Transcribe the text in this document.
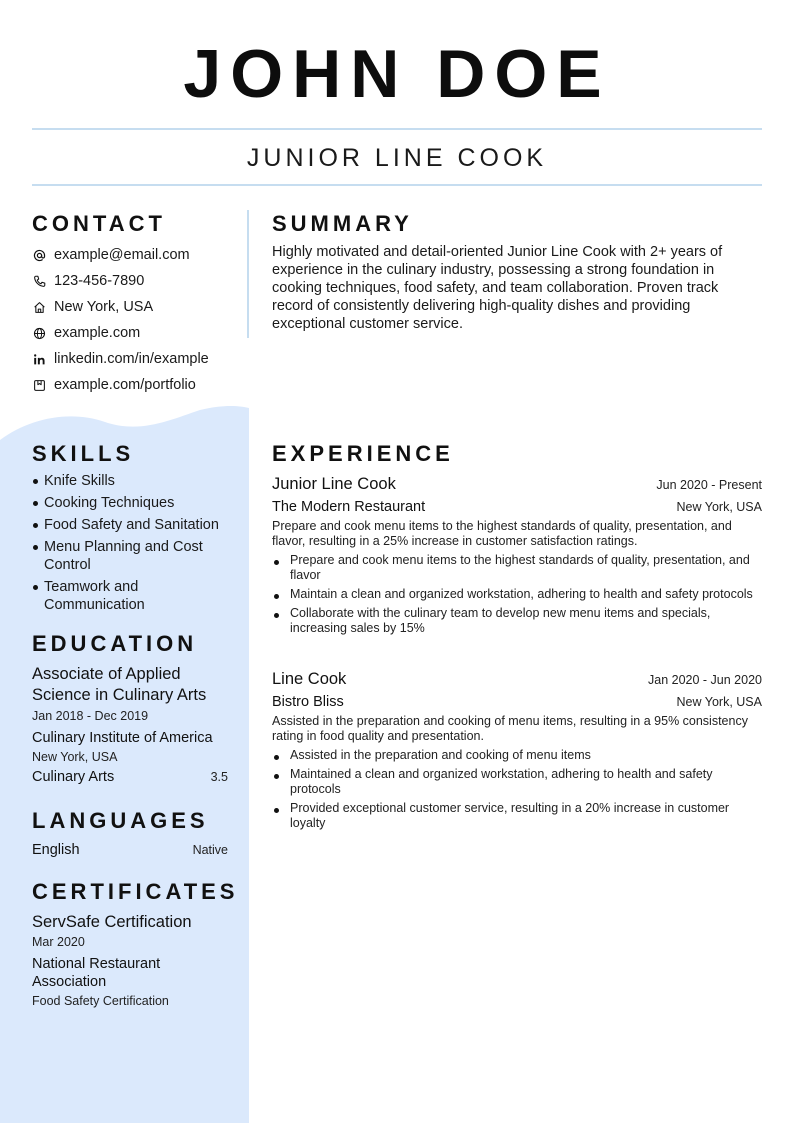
JOHN DOE
JUNIOR LINE COOK
CONTACT
example@email.com
123-456-7890
New York, USA
example.com
linkedin.com/in/example
example.com/portfolio
SUMMARY

Highly motivated and detail-oriented Junior Line Cook with 2+ years of experience in the culinary industry, possessing a strong foundation in cooking techniques, food safety, and team collaboration. Proven track record of consistently delivering high-quality dishes and providing exceptional customer service.

SKILLS
Knife Skills
Cooking Techniques
Food Safety and Sanitation
Menu Planning and Cost Control
Teamwork and Communication
EDUCATION
Associate of Applied Science in Culinary Arts
Jan 2018 - Dec 2019
Culinary Institute of America
New York, USA
Culinary Arts	3.5
LANGUAGES
English	Native
CERTIFICATES
ServSafe Certification
Mar 2020
National Restaurant Association
Food Safety Certification
EXPERIENCE
Junior Line Cook	Jun 2020 - Present
The Modern Restaurant	New York, USA
Prepare and cook menu items to the highest standards of quality, presentation, and flavor, resulting in a 25% increase in customer satisfaction ratings.
Prepare and cook menu items to the highest standards of quality, presentation, and flavor
Maintain a clean and organized workstation, adhering to health and safety protocols
Collaborate with the culinary team to develop new menu items and specials, increasing sales by 15%
Line Cook	Jan 2020 - Jun 2020
Bistro Bliss	New York, USA
Assisted in the preparation and cooking of menu items, resulting in a 95% consistency rating in food quality and presentation.
Assisted in the preparation and cooking of menu items
Maintained a clean and organized workstation, adhering to health and safety protocols
Provided exceptional customer service, resulting in a 20% increase in customer loyalty
